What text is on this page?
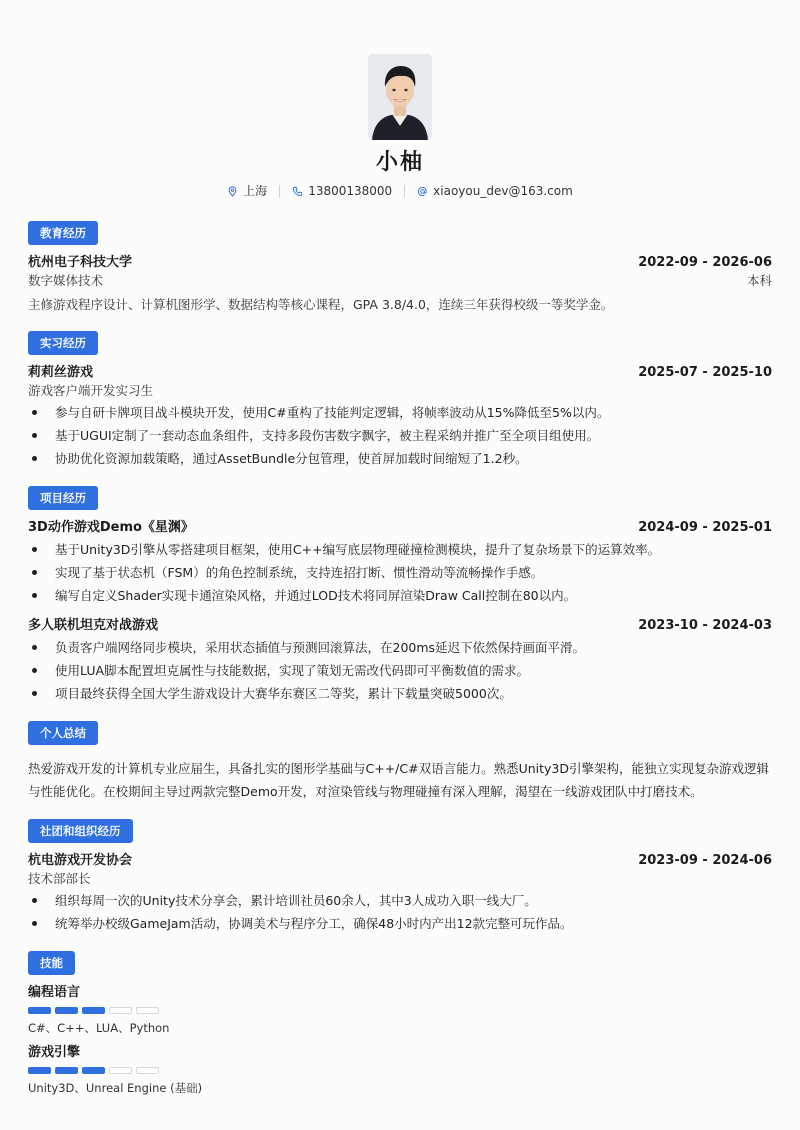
小柚
上海	13800138000	xiaoyou_dev@163.com
教育经历
杭州电子科技大学	2022-09 - 2026-06
数字媒体技术	本科
主修游戏程序设计、计算机图形学、数据结构等核心课程，GPA 3.8/4.0，连续三年获得校级一等奖学金。
实习经历
莉莉丝游戏	2025-07 - 2025-10
游戏客户端开发实习生
参与自研卡牌项目战斗模块开发，使用C#重构了技能判定逻辑，将帧率波动从15%降低至5%以内。
基于UGUI定制了一套动态血条组件，支持多段伤害数字飘字，被主程采纳并推广至全项目组使用。
协助优化资源加载策略，通过AssetBundle分包管理，使首屏加载时间缩短了1.2秒。
项目经历
3D动作游戏Demo《星渊》	2024-09 - 2025-01
基于Unity3D引擎从零搭建项目框架，使用C++编写底层物理碰撞检测模块，提升了复杂场景下的运算效率。
实现了基于状态机（FSM）的角色控制系统，支持连招打断、惯性滑动等流畅操作手感。
编写自定义Shader实现卡通渲染风格，并通过LOD技术将同屏渲染Draw Call控制在80以内。
多人联机坦克对战游戏	2023-10 - 2024-03
负责客户端网络同步模块，采用状态插值与预测回滚算法，在200ms延迟下依然保持画面平滑。
使用LUA脚本配置坦克属性与技能数据，实现了策划无需改代码即可平衡数值的需求。
项目最终获得全国大学生游戏设计大赛华东赛区二等奖，累计下载量突破5000次。
个人总结
热爱游戏开发的计算机专业应届生，具备扎实的图形学基础与C++/C#双语言能力。熟悉Unity3D引擎架构，能独立实现复杂游戏逻辑与性能优化。在校期间主导过两款完整Demo开发，对渲染管线与物理碰撞有深入理解，渴望在一线游戏团队中打磨技术。
社团和组织经历
杭电游戏开发协会	2023-09 - 2024-06
技术部部长
组织每周一次的Unity技术分享会，累计培训社员60余人，其中3人成功入职一线大厂。
统筹举办校级GameJam活动，协调美术与程序分工，确保48小时内产出12款完整可玩作品。
技能
编程语言
C#、C++、LUA、Python
游戏引擎
Unity3D、Unreal Engine (基础)
